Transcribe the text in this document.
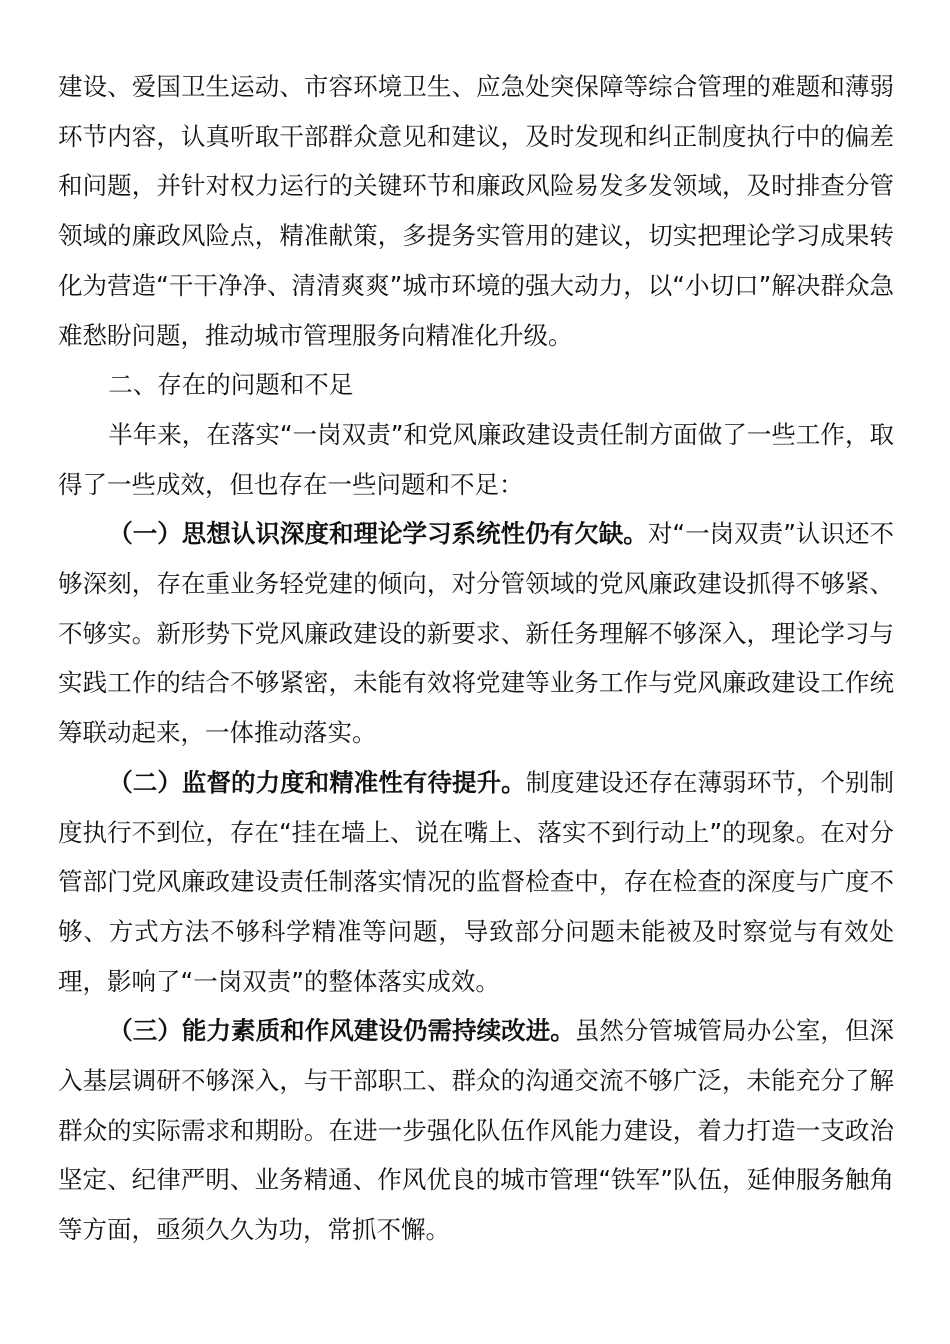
建设、爱国卫生运动、市容环境卫生、应急处突保障等综合管理的难题和薄弱环节内容，认真听取干部群众意见和建议，及时发现和纠正制度执行中的偏差和问题，并针对权力运行的关键环节和廉政风险易发多发领域，及时排查分管领域的廉政风险点，精准献策，多提务实管用的建议，切实把理论学习成果转化为营造“干干净净、清清爽爽”城市环境的强大动力，以“小切口”解决群众急难愁盼问题，推动城市管理服务向精准化升级。

二、存在的问题和不足

半年来，在落实“一岗双责”和党风廉政建设责任制方面做了一些工作，取得了一些成效，但也存在一些问题和不足：

（一）思想认识深度和理论学习系统性仍有欠缺。对“一岗双责”认识还不够深刻，存在重业务轻党建的倾向，对分管领域的党风廉政建设抓得不够紧、不够实。新形势下党风廉政建设的新要求、新任务理解不够深入，理论学习与实践工作的结合不够紧密，未能有效将党建等业务工作与党风廉政建设工作统筹联动起来，一体推动落实。

（二）监督的力度和精准性有待提升。制度建设还存在薄弱环节，个别制度执行不到位，存在“挂在墙上、说在嘴上、落实不到行动上”的现象。在对分管部门党风廉政建设责任制落实情况的监督检查中，存在检查的深度与广度不够、方式方法不够科学精准等问题，导致部分问题未能被及时察觉与有效处理，影响了“一岗双责”的整体落实成效。

（三）能力素质和作风建设仍需持续改进。虽然分管城管局办公室，但深入基层调研不够深入，与干部职工、群众的沟通交流不够广泛，未能充分了解群众的实际需求和期盼。在进一步强化队伍作风能力建设，着力打造一支政治坚定、纪律严明、业务精通、作风优良的城市管理“铁军”队伍，延伸服务触角等方面，亟须久久为功，常抓不懈。
